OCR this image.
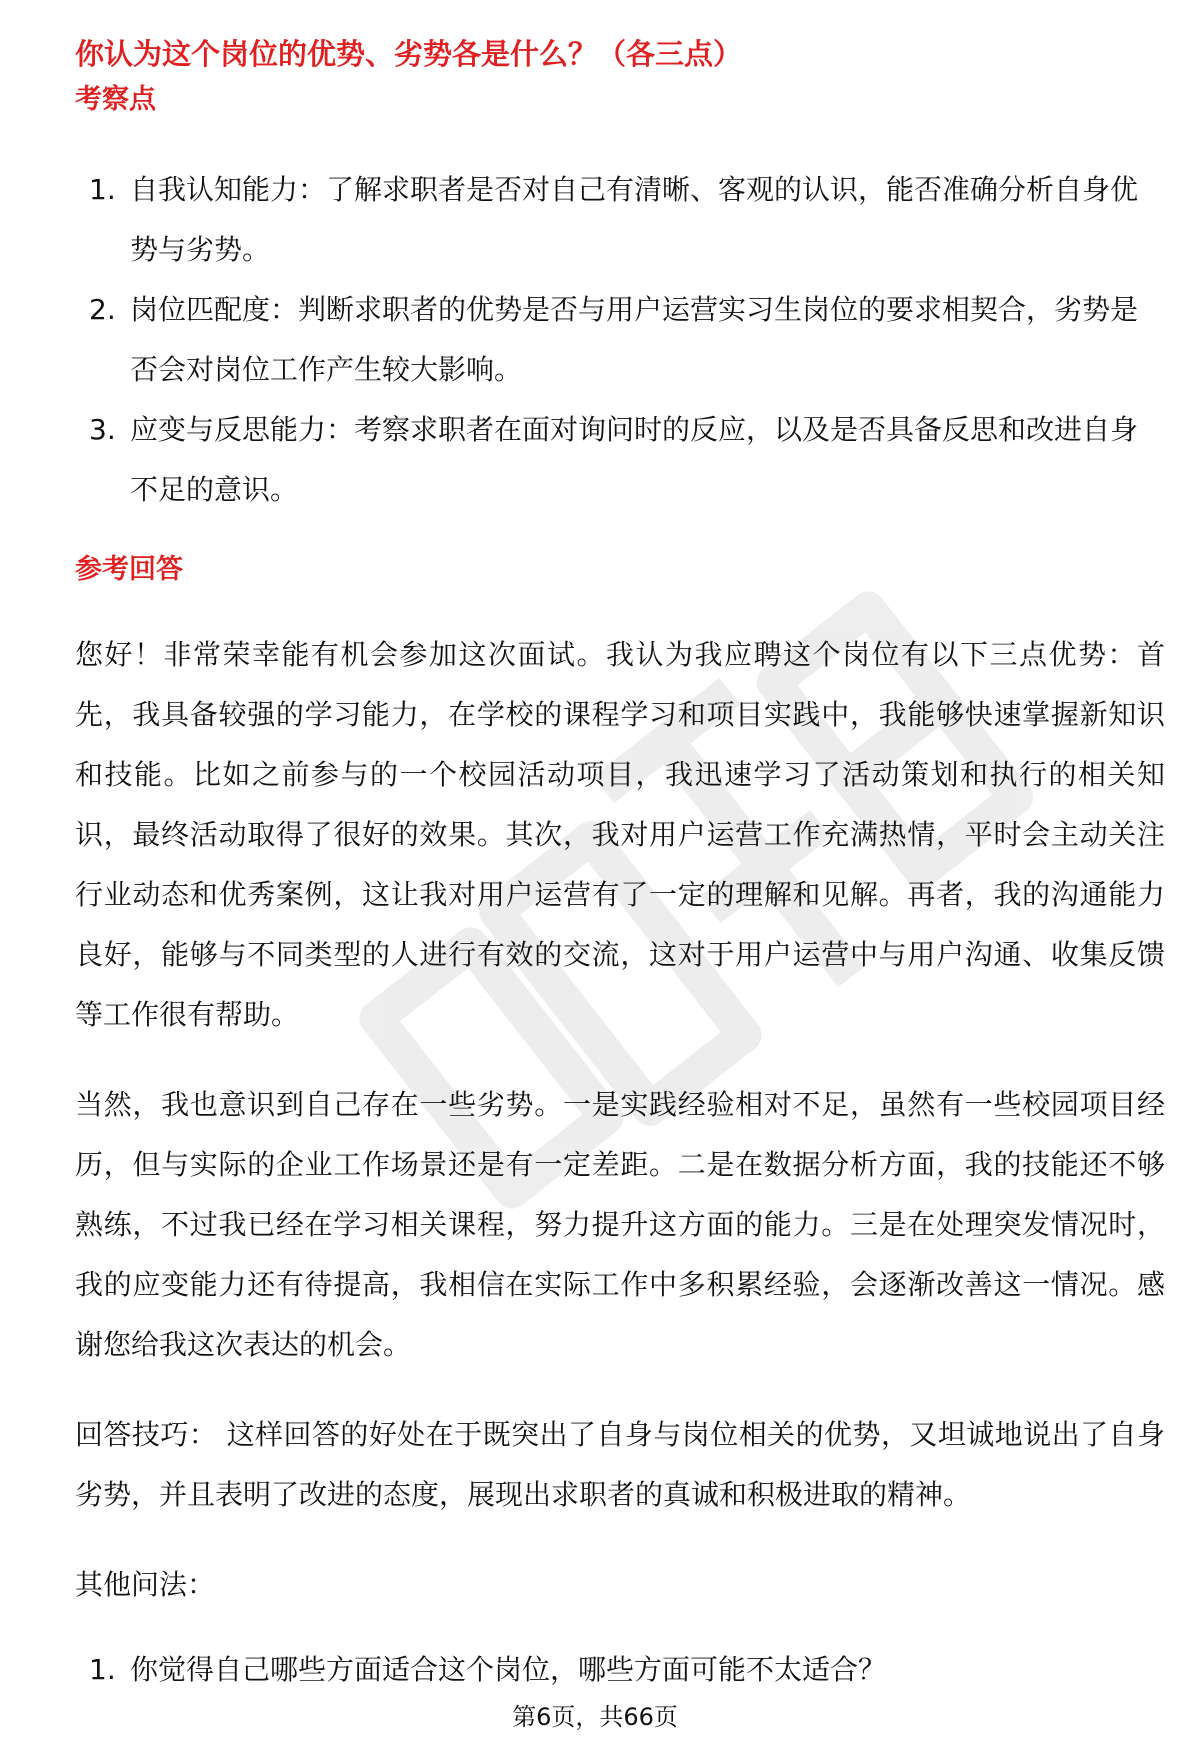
你认为这个岗位的优势、劣势各是什么？（各三点）
考察点
1. 自我认知能力：了解求职者是否对自己有清晰、客观的认识，能否准确分析自身优势与劣势。
2. 岗位匹配度：判断求职者的优势是否与用户运营实习生岗位的要求相契合，劣势是否会对岗位工作产生较大影响。
3. 应变与反思能力：考察求职者在面对询问时的反应，以及是否具备反思和改进自身不足的意识。
参考回答

您好！非常荣幸能有机会参加这次面试。我认为我应聘这个岗位有以下三点优势：首先，我具备较强的学习能力，在学校的课程学习和项目实践中，我能够快速掌握新知识和技能。比如之前参与的一个校园活动项目，我迅速学习了活动策划和执行的相关知识，最终活动取得了很好的效果。其次，我对用户运营工作充满热情，平时会主动关注行业动态和优秀案例，这让我对用户运营有了一定的理解和见解。再者，我的沟通能力良好，能够与不同类型的人进行有效的交流，这对于用户运营中与用户沟通、收集反馈等工作很有帮助。

当然，我也意识到自己存在一些劣势。一是实践经验相对不足，虽然有一些校园项目经历，但与实际的企业工作场景还是有一定差距。二是在数据分析方面，我的技能还不够熟练，不过我已经在学习相关课程，努力提升这方面的能力。三是在处理突发情况时，我的应变能力还有待提高，我相信在实际工作中多积累经验，会逐渐改善这一情况。感谢您给我这次表达的机会。

回答技巧： 这样回答的好处在于既突出了自身与岗位相关的优势，又坦诚地说出了自身劣势，并且表明了改进的态度，展现出求职者的真诚和积极进取的精神。

其他问法：

1. 你觉得自己哪些方面适合这个岗位，哪些方面可能不太适合？
第6页，共66页
